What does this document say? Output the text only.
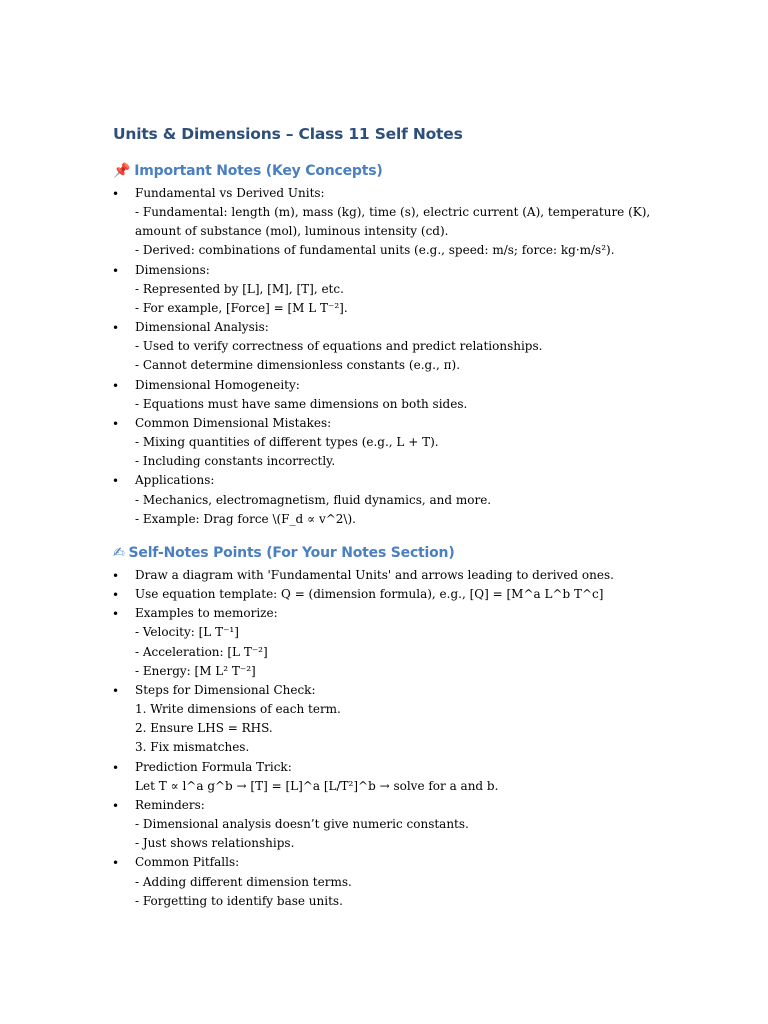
Units & Dimensions – Class 11 Self Notes
📌 Important Notes (Key Concepts)
• Fundamental vs Derived Units:
- Fundamental: length (m), mass (kg), time (s), electric current (A), temperature (K),
amount of substance (mol), luminous intensity (cd).
- Derived: combinations of fundamental units (e.g., speed: m/s; force: kg·m/s²).
• Dimensions:
- Represented by [L], [M], [T], etc.
- For example, [Force] = [M L T⁻²].
• Dimensional Analysis:
- Used to verify correctness of equations and predict relationships.
- Cannot determine dimensionless constants (e.g., π).
• Dimensional Homogeneity:
- Equations must have same dimensions on both sides.
• Common Dimensional Mistakes:
- Mixing quantities of different types (e.g., L + T).
- Including constants incorrectly.
• Applications:
- Mechanics, electromagnetism, fluid dynamics, and more.
- Example: Drag force \(F_d ∝ v^2\).
✍ Self-Notes Points (For Your Notes Section)
• Draw a diagram with 'Fundamental Units' and arrows leading to derived ones.
• Use equation template: Q = (dimension formula), e.g., [Q] = [M^a L^b T^c]
• Examples to memorize:
- Velocity: [L T⁻¹]
- Acceleration: [L T⁻²]
- Energy: [M L² T⁻²]
• Steps for Dimensional Check:
1. Write dimensions of each term.
2. Ensure LHS = RHS.
3. Fix mismatches.
• Prediction Formula Trick:
Let T ∝ l^a g^b → [T] = [L]^a [L/T²]^b → solve for a and b.
• Reminders:
- Dimensional analysis doesn’t give numeric constants.
- Just shows relationships.
• Common Pitfalls:
- Adding different dimension terms.
- Forgetting to identify base units.
